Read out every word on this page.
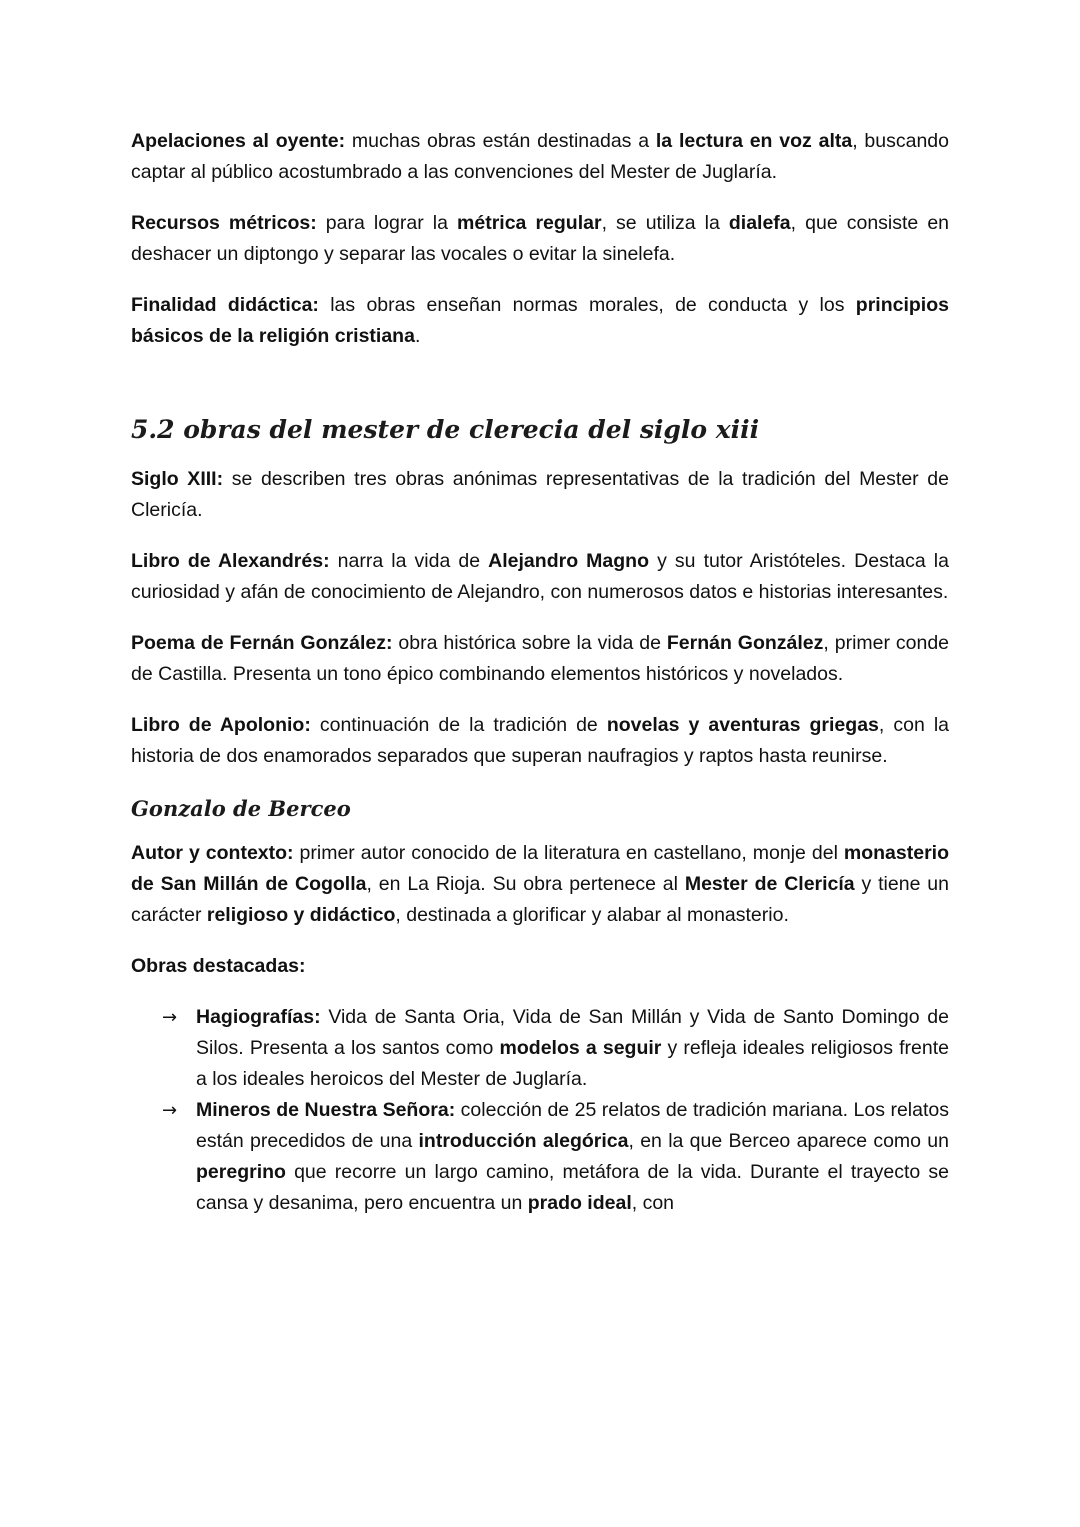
Apelaciones al oyente: muchas obras están destinadas a la lectura en voz alta, buscando captar al público acostumbrado a las convenciones del Mester de Juglaría.

Recursos métricos: para lograr la métrica regular, se utiliza la dialefa, que consiste en deshacer un diptongo y separar las vocales o evitar la sinelefa.

Finalidad didáctica: las obras enseñan normas morales, de conducta y los principios básicos de la religión cristiana.

5.2 obras del mester de clerecia del siglo xiii

Siglo XIII: se describen tres obras anónimas representativas de la tradición del Mester de Clericía.

Libro de Alexandrés: narra la vida de Alejandro Magno y su tutor Aristóteles. Destaca la curiosidad y afán de conocimiento de Alejandro, con numerosos datos e historias interesantes.

Poema de Fernán González: obra histórica sobre la vida de Fernán González, primer conde de Castilla. Presenta un tono épico combinando elementos históricos y novelados.

Libro de Apolonio: continuación de la tradición de novelas y aventuras griegas, con la historia de dos enamorados separados que superan naufragios y raptos hasta reunirse.

Gonzalo de Berceo

Autor y contexto: primer autor conocido de la literatura en castellano, monje del monasterio de San Millán de Cogolla, en La Rioja. Su obra pertenece al Mester de Clericía y tiene un carácter religioso y didáctico, destinada a glorificar y alabar al monasterio.

Obras destacadas:

→ Hagiografías: Vida de Santa Oria, Vida de San Millán y Vida de Santo Domingo de Silos. Presenta a los santos como modelos a seguir y refleja ideales religiosos frente a los ideales heroicos del Mester de Juglaría.
→ Mineros de Nuestra Señora: colección de 25 relatos de tradición mariana. Los relatos están precedidos de una introducción alegórica, en la que Berceo aparece como un peregrino que recorre un largo camino, metáfora de la vida. Durante el trayecto se cansa y desanima, pero encuentra un prado ideal, con
